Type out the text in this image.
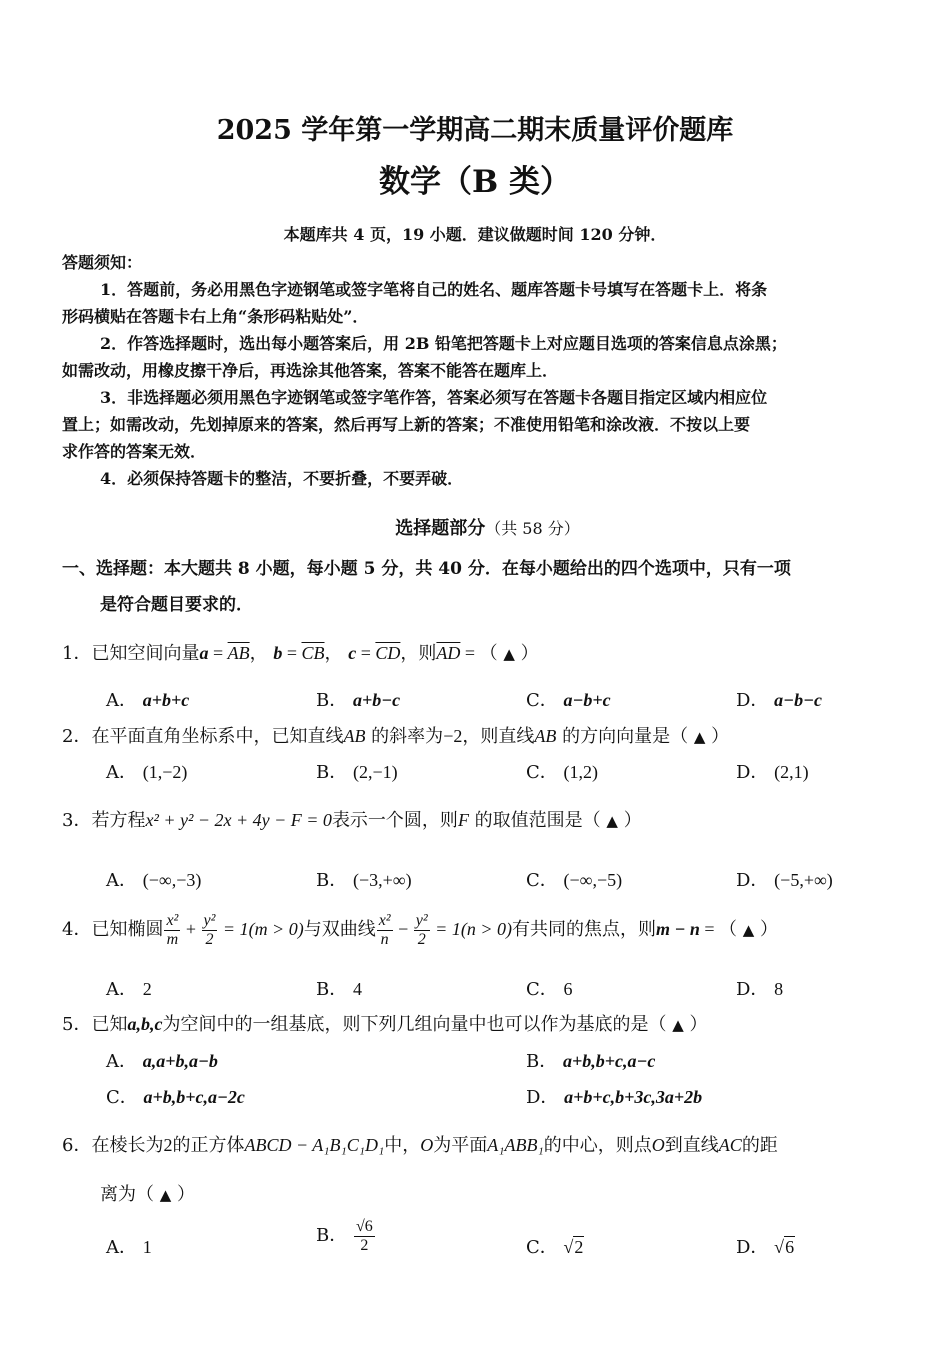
2025 学年第一学期高二期末质量评价题库
数学（B 类）
本题库共 4 页，19 小题．建议做题时间 120 分钟．
答题须知：
1．答题前，务必用黑色字迹钢笔或签字笔将自己的姓名、题库答题卡号填写在答题卡上．将条
形码横贴在答题卡右上角“条形码粘贴处”．
2．作答选择题时，选出每小题答案后，用 2B 铅笔把答题卡上对应题目选项的答案信息点涂黑；
如需改动，用橡皮擦干净后，再选涂其他答案，答案不能答在题库上．
3．非选择题必须用黑色字迹钢笔或签字笔作答，答案必须写在答题卡各题目指定区域内相应位
置上；如需改动，先划掉原来的答案，然后再写上新的答案；不准使用铅笔和涂改液．不按以上要
求作答的答案无效．
4．必须保持答题卡的整洁，不要折叠，不要弄破．
选择题部分（共 58 分）
一、选择题：本大题共 8 小题，每小题 5 分，共 40 分．在每小题给出的四个选项中，只有一项
是符合题目要求的．
1．已知空间向量$a = \overline{AB}$， $b = \overline{CB}$， $c = \overline{CD}$，则$\overline{AD}$ = （ ▲ ）
A． a+b+c	B． a+b−c	C． a−b+c	D． a−b−c
2．在平面直角坐标系中，已知直线AB 的斜率为−2，则直线AB 的方向向量是（ ▲ ）
A． (1,−2)	B． (2,−1)	C． (1,2)	D． (2,1)
3．若方程x² + y² − 2x + 4y − F = 0表示一个圆，则F 的取值范围是（ ▲ ）
A． (−∞,−3)	B． (−3,+∞)	C． (−∞,−5)	D． (−5,+∞)
4．已知椭圆 $\frac{\text{x²}}{m} + \frac{\text{y²}}{2} = 1(m > 0)$与双曲线 $\frac{\text{x²}}{n} - \frac{\text{y²}}{2} = 1(n > 0)$有共同的焦点，则m − n = （ ▲ ）
A． 2	B． 4	C． 6	D． 8
5．已知a,b,c为空间中的一组基底，则下列几组向量中也可以作为基底的是（ ▲ ）
A． a,a+b,a−b	B． a+b,b+c,a−c
C． a+b,b+c,a−2c	D． a+b+c,b+3c,3a+2b
6．在棱长为2的正方体ABCD − A₁B₁C₁D₁中，O为平面A₁ABB₁的中心，则点O到直线AC的距
离为（ ▲ ）
A． 1
B． $\frac{√6}{2}$	C． √2	D． √6
